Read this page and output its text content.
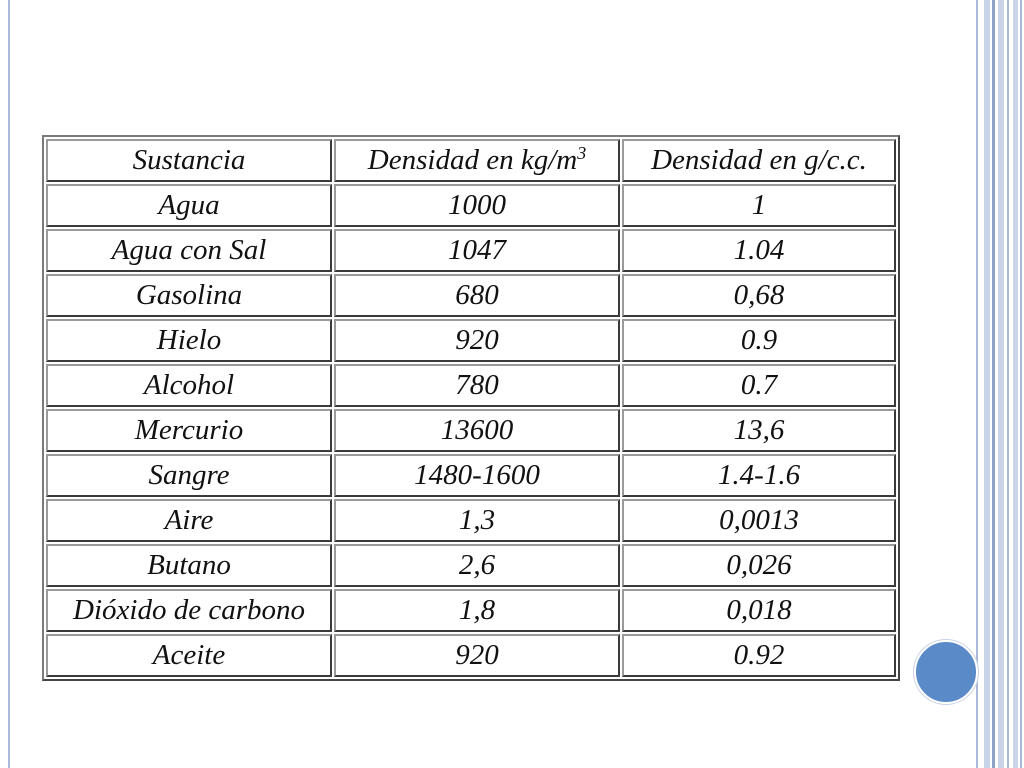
Sustancia	Densidad en $kg/m^3$	Densidad en g/c.c.
Agua	1000	1
Agua con Sal	1047	1.04
Gasolina	680	0,68
Hielo	920	0.9
Alcohol	780	0.7
Mercurio	13600	13,6
Sangre	1480-1600	1.4-1.6
Aire	1,3	0,0013
Butano	2,6	0,026
Dióxido de carbono	1,8	0,018
Aceite	920	0.92
